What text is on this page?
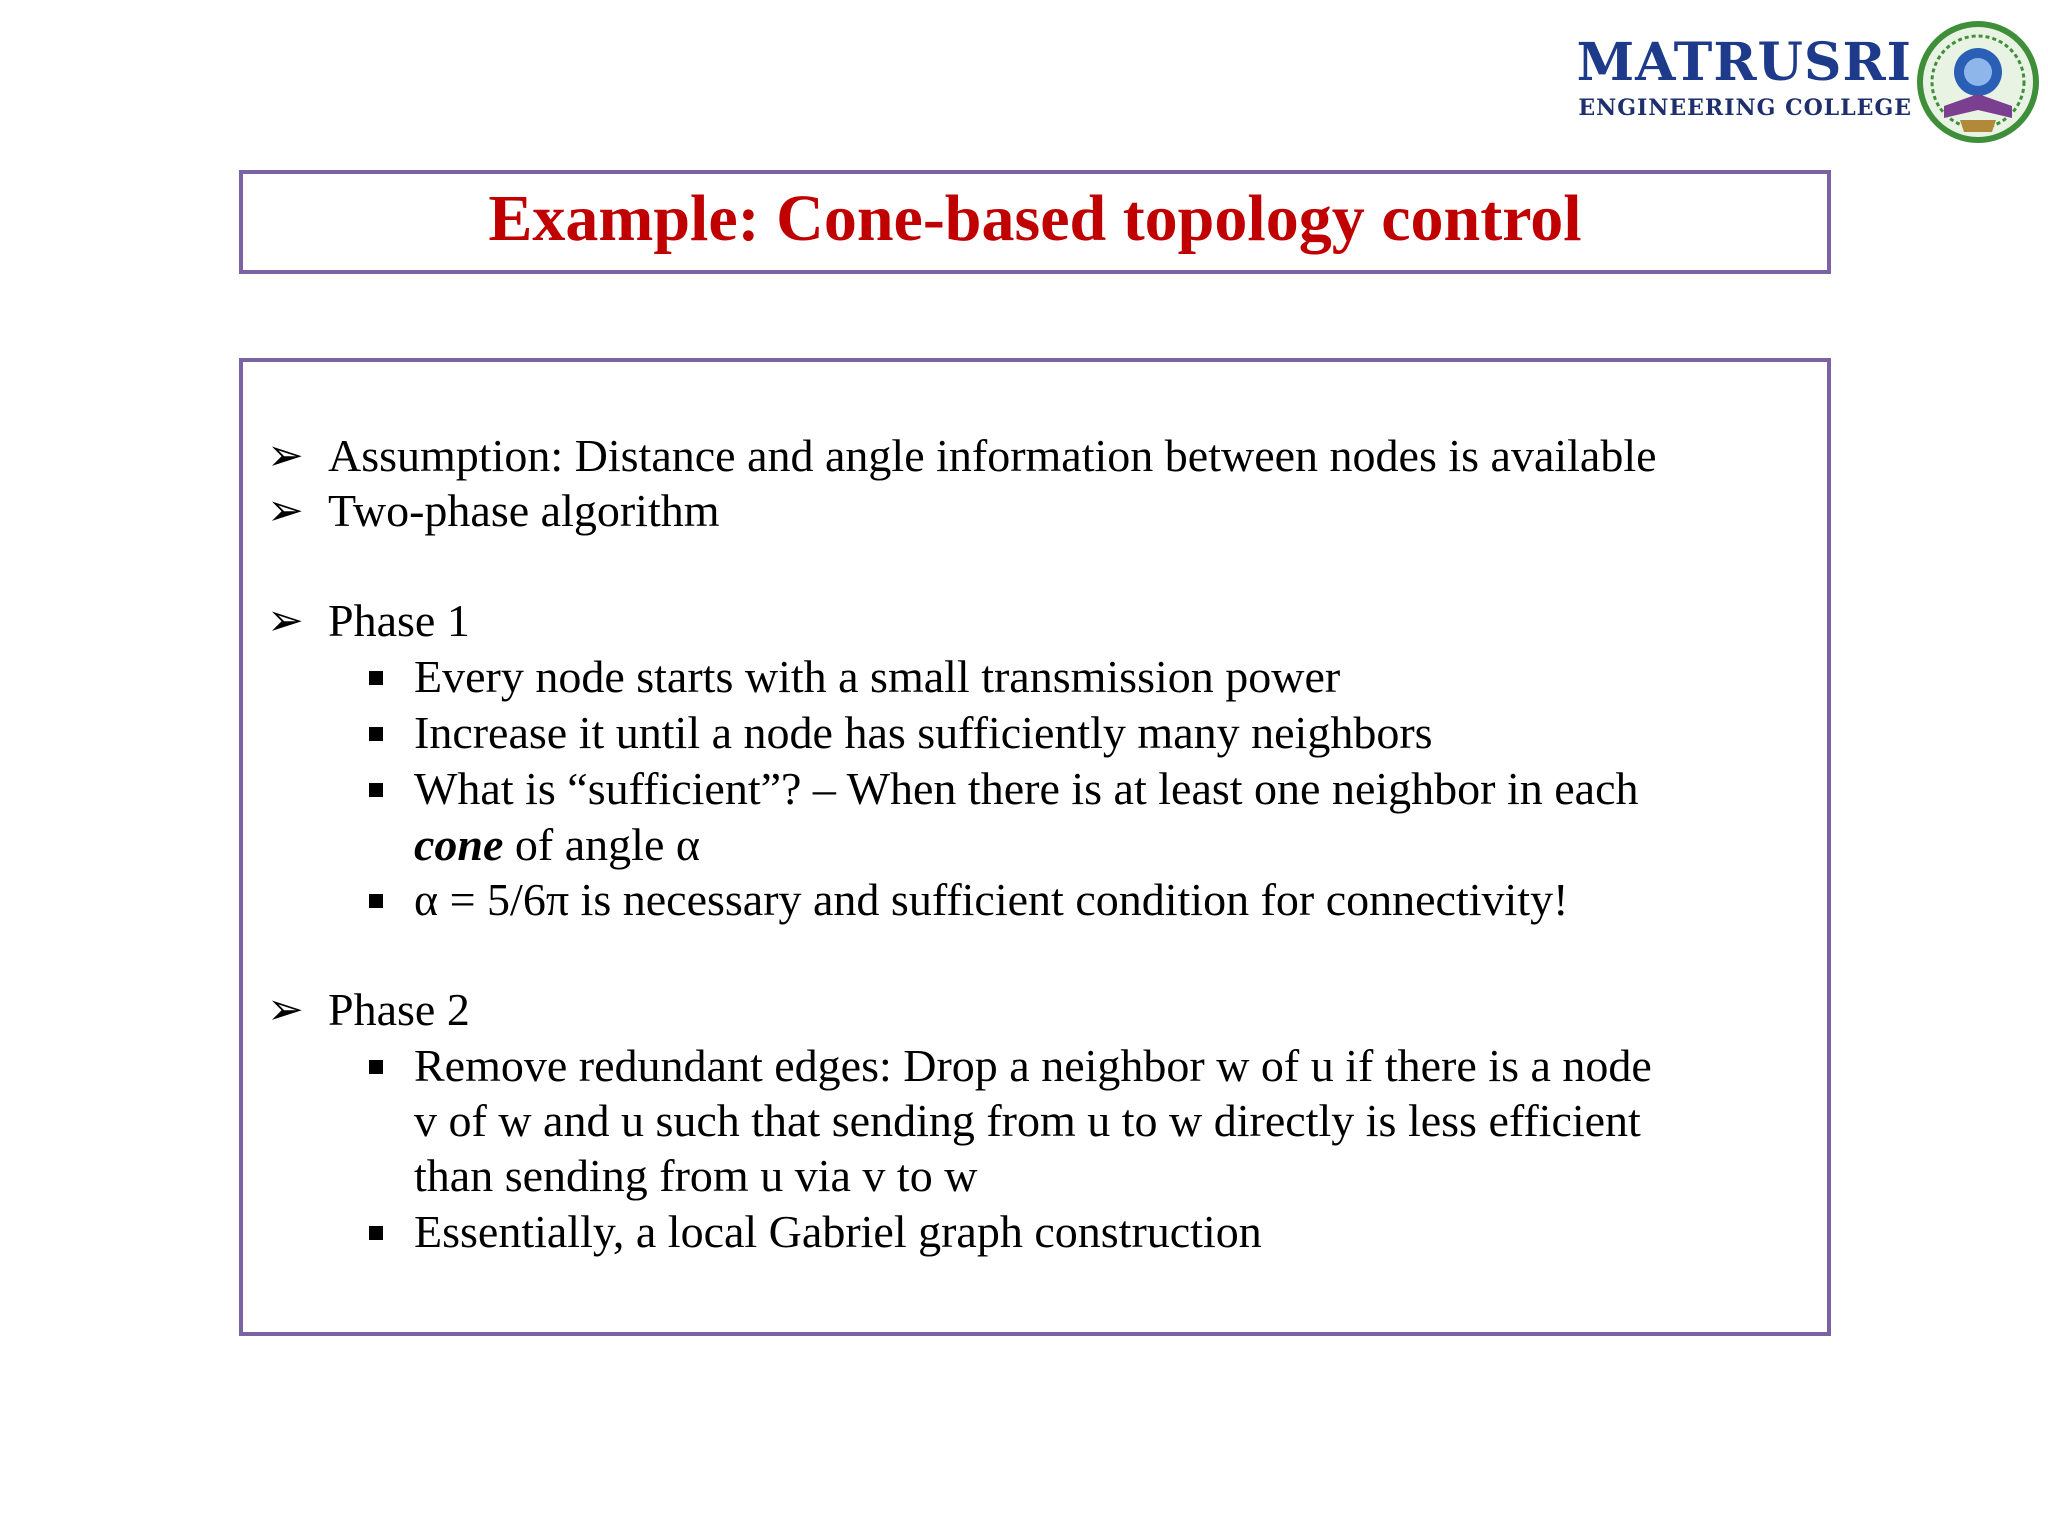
MATRUSRI
ENGINEERING COLLEGE
Example: Cone-based topology control
➢ Assumption: Distance and angle information between nodes is available
➢ Two-phase algorithm
➢ Phase 1
Every node starts with a small transmission power
Increase it until a node has sufficiently many neighbors
What is “sufficient”? – When there is at least one neighbor in each
cone of angle α
α = 5/6π is necessary and sufficient condition for connectivity!
➢ Phase 2
Remove redundant edges: Drop a neighbor w of u if there is a node
v of w and u such that sending from u to w directly is less efficient
than sending from u via v to w
Essentially, a local Gabriel graph construction
